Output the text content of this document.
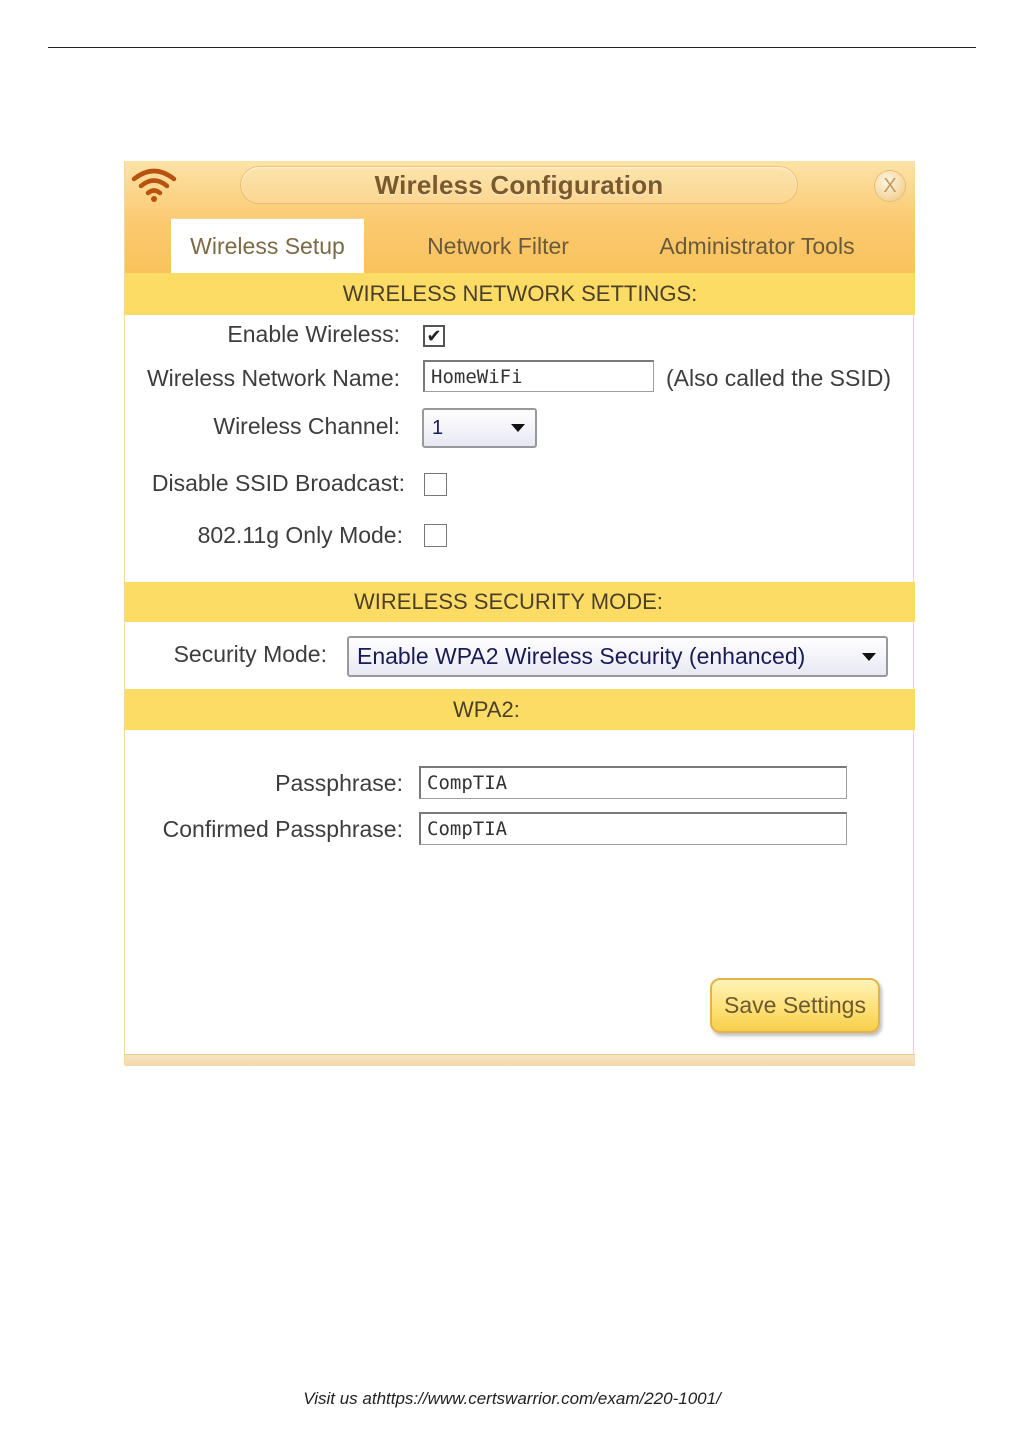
Wireless Configuration	X
Wireless Setup	Network Filter	Administrator Tools
WIRELESS NETWORK SETTINGS:
Enable Wireless: ✔
Wireless Network Name:	HomeWiFi	(Also called the SSID)
Wireless Channel: 1
Disable SSID Broadcast:
802.11g Only Mode:
WIRELESS SECURITY MODE:
Security Mode: Enable WPA2 Wireless Security (enhanced)
WPA2:
Passphrase:	CompTIA
Confirmed Passphrase:	CompTIA
Save Settings
Visit us athttps://www.certswarrior.com/exam/220-1001/
